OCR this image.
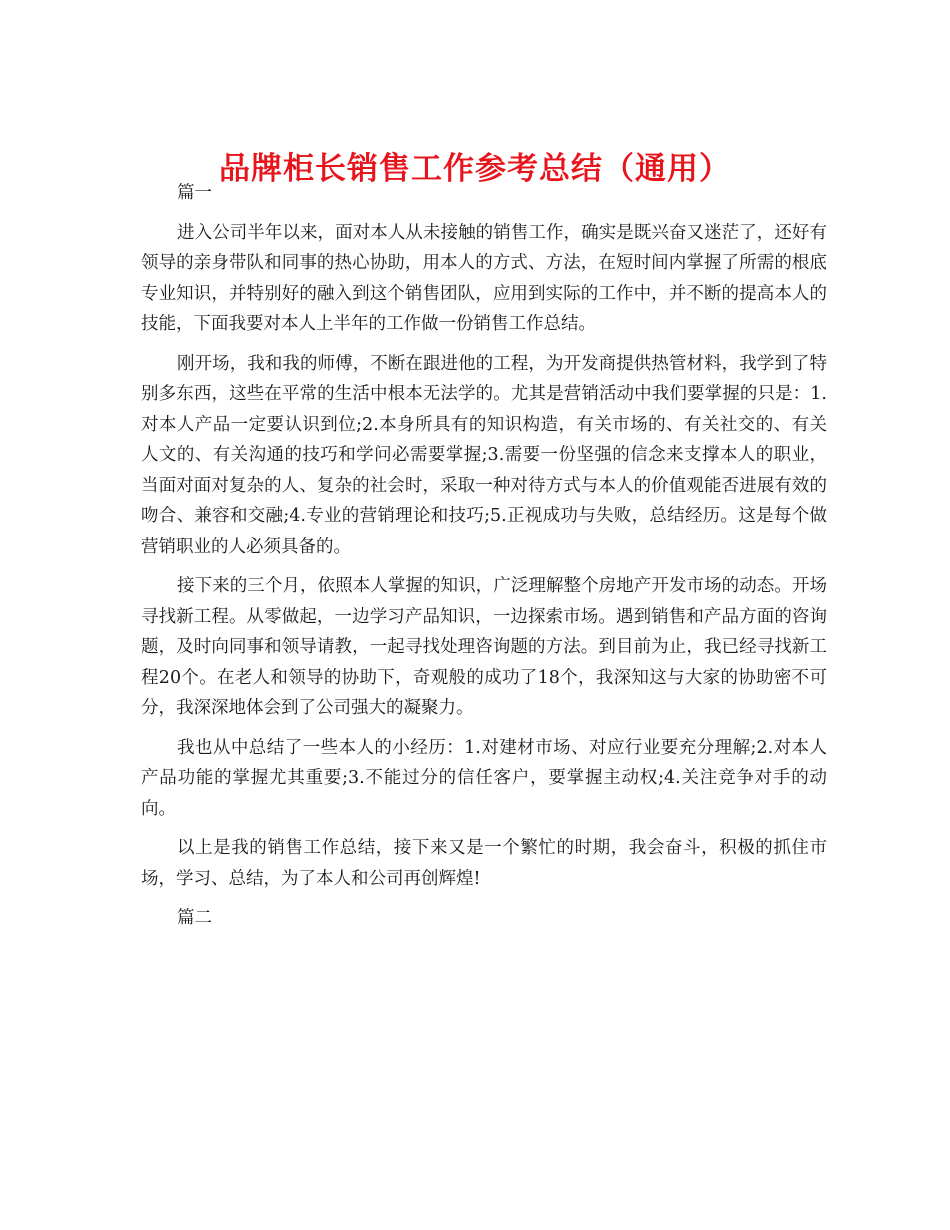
品牌柜长销售工作参考总结（通用）

篇一

进入公司半年以来，面对本人从未接触的销售工作，确实是既兴奋又迷茫了，还好有领导的亲身带队和同事的热心协助，用本人的方式、方法，在短时间内掌握了所需的根底专业知识，并特别好的融入到这个销售团队，应用到实际的工作中，并不断的提高本人的技能，下面我要对本人上半年的工作做一份销售工作总结。

刚开场，我和我的师傅，不断在跟进他的工程，为开发商提供热管材料，我学到了特别多东西，这些在平常的生活中根本无法学的。尤其是营销活动中我们要掌握的只是：1.对本人产品一定要认识到位;2.本身所具有的知识构造，有关市场的、有关社交的、有关人文的、有关沟通的技巧和学问必需要掌握;3.需要一份坚强的信念来支撑本人的职业，当面对面对复杂的人、复杂的社会时，采取一种对待方式与本人的价值观能否进展有效的吻合、兼容和交融;4.专业的营销理论和技巧;5.正视成功与失败，总结经历。这是每个做营销职业的人必须具备的。

接下来的三个月，依照本人掌握的知识，广泛理解整个房地产开发市场的动态。开场寻找新工程。从零做起，一边学习产品知识，一边探索市场。遇到销售和产品方面的咨询题，及时向同事和领导请教，一起寻找处理咨询题的方法。到目前为止，我已经寻找新工程20个。在老人和领导的协助下，奇观般的成功了18个，我深知这与大家的协助密不可分，我深深地体会到了公司强大的凝聚力。

我也从中总结了一些本人的小经历：1.对建材市场、对应行业要充分理解;2.对本人产品功能的掌握尤其重要;3.不能过分的信任客户，要掌握主动权;4.关注竞争对手的动向。

以上是我的销售工作总结，接下来又是一个繁忙的时期，我会奋斗，积极的抓住市场，学习、总结，为了本人和公司再创辉煌!

篇二
